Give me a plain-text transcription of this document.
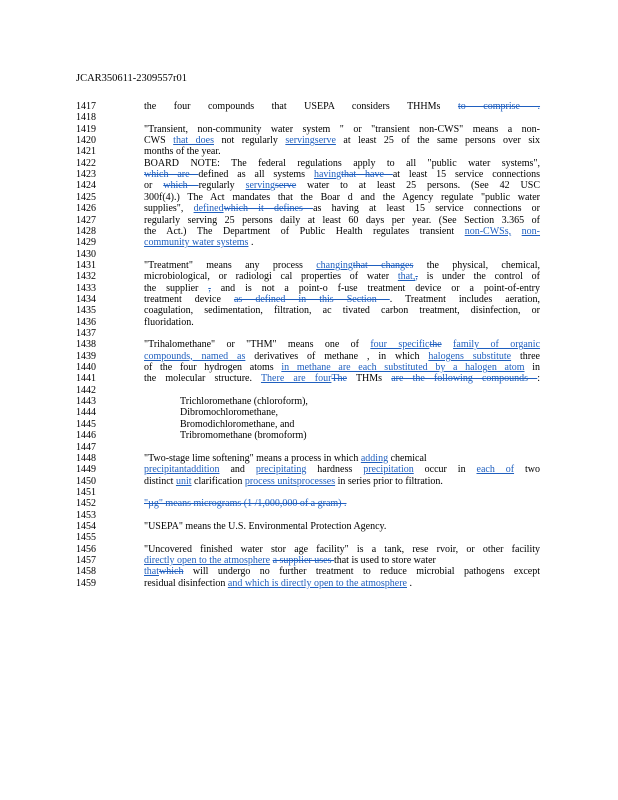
JCAR350611-2309557r01
1417	the four compounds that USEPA considers THHMs to comprise .
1418
1419	"Transient, non-community water system " or "transient non-CWS" means a non-
1420	CWS that does not regularly servingserve at least 25 of the same persons over six
1421	months of the year.
1422	BOARD NOTE: The federal regulations apply to all "public water systems",
1423	which are defined as all systems havingthat have at least 15 service connections
1424	or which regularly servingserve water to at least 25 persons. (See 42 USC
1425	300f(4).) The Act mandates that the Boar d and the Agency regulate "public water
1426	supplies", definedwhich it defines as having at least 15 service connections or
1427	regularly serving 25 persons daily at least 60 days per year. (See Section 3.365 of
1428	the Act.) The Department of Public Health regulates transient non-CWSs, non-
1429	community water systems .
1430
1431	"Treatment" means any process changingthat changes the physical, chemical,
1432	microbiological, or radiologi cal properties of water that,, is under the control of
1433	the supplier , and is not a point-o f-use treatment device or a point-of-entry
1434	treatment device as defined in this Section . Treatment includes aeration,
1435	coagulation, sedimentation, filtration, ac tivated carbon treatment, disinfection, or
1436	fluoridation.
1437
1438	"Trihalomethane" or "THM" means one of four specificthe family of organic
1439	compounds, named as derivatives of methane , in which halogens substitute three
1440	of the four hydrogen atoms in methane are each substituted by a halogen atom in
1441	the molecular structure. There are fourThe THMs are the following compounds :
1442
1443	Trichloromethane (chloroform),
1444	Dibromochloromethane,
1445	Bromodichloromethane, and
1446	Tribromomethane (bromoform)
1447
1448	"Two-stage lime softening" means a process in which adding chemical
1449	precipitantaddition and precipitating hardness precipitation occur in each of two
1450	distinct unit clarification process unitsprocesses in series prior to filtration.
1451
1452	"µg" means micrograms (1 /1,000,000 of a gram) .
1453
1454	"USEPA" means the U.S. Environmental Protection Agency.
1455
1456	"Uncovered finished water stor age facility" is a tank, rese rvoir, or other facility
1457	directly open to the atmosphere a supplier uses that is used to store water
1458	thatwhich will undergo no further treatment to reduce microbial pathogens except
1459	residual disinfection and which is directly open to the atmosphere .
